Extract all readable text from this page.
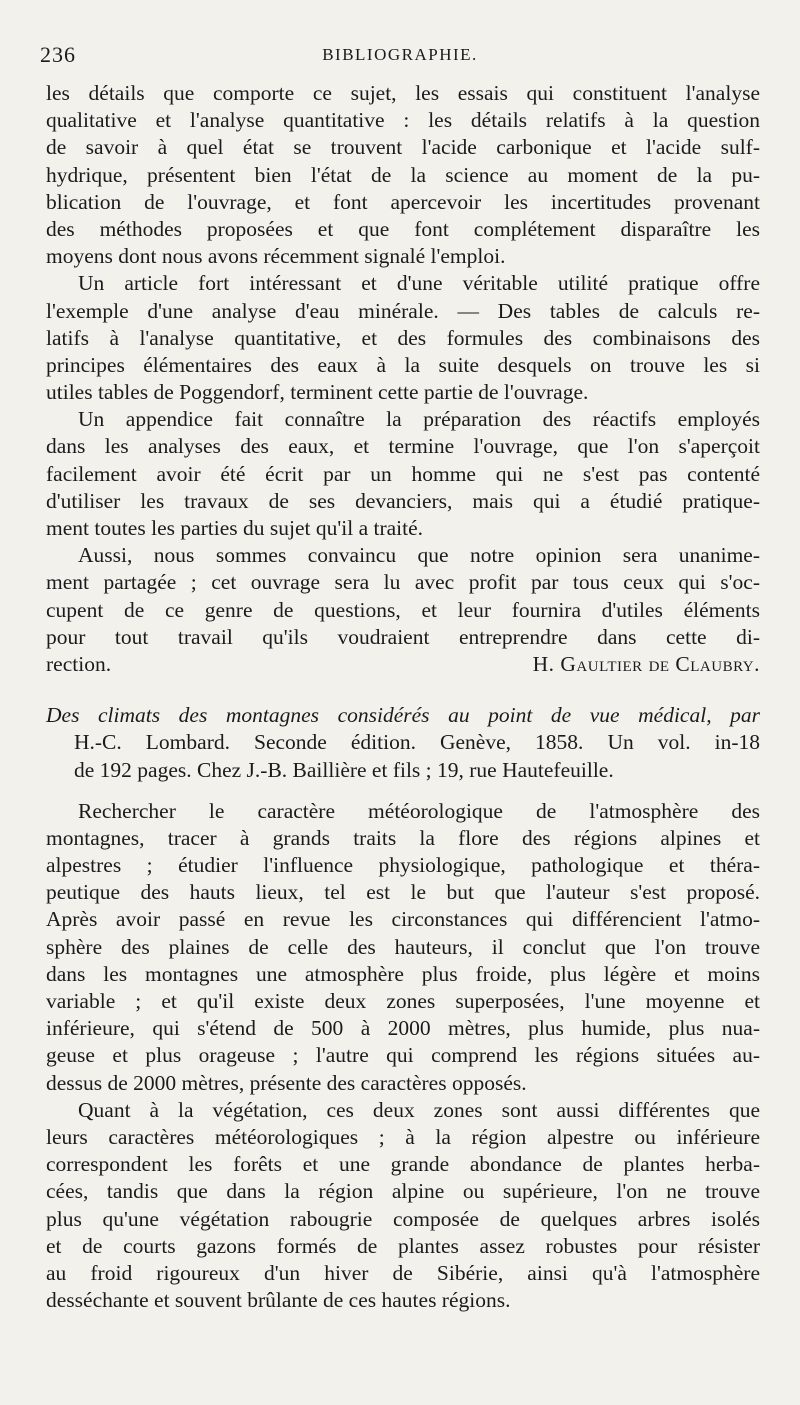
236	BIBLIOGRAPHIE.
les détails que comporte ce sujet, les essais qui constituent l'analyse
qualitative et l'analyse quantitative : les détails relatifs à la question
de savoir à quel état se trouvent l'acide carbonique et l'acide sulf-
hydrique, présentent bien l'état de la science au moment de la pu-
blication de l'ouvrage, et font apercevoir les incertitudes provenant
des méthodes proposées et que font complétement disparaître les
moyens dont nous avons récemment signalé l'emploi.
Un article fort intéressant et d'une véritable utilité pratique offre
l'exemple d'une analyse d'eau minérale. — Des tables de calculs re-
latifs à l'analyse quantitative, et des formules des combinaisons des
principes élémentaires des eaux à la suite desquels on trouve les si
utiles tables de Poggendorf, terminent cette partie de l'ouvrage.
Un appendice fait connaître la préparation des réactifs employés
dans les analyses des eaux, et termine l'ouvrage, que l'on s'aperçoit
facilement avoir été écrit par un homme qui ne s'est pas contenté
d'utiliser les travaux de ses devanciers, mais qui a étudié pratique-
ment toutes les parties du sujet qu'il a traité.
Aussi, nous sommes convaincu que notre opinion sera unanime-
ment partagée ; cet ouvrage sera lu avec profit par tous ceux qui s'oc-
cupent de ce genre de questions, et leur fournira d'utiles éléments
pour tout travail qu'ils voudraient entreprendre dans cette di-
rection.	H. Gaultier de Claubry.
Des climats des montagnes considérés au point de vue médical, par
H.-C. Lombard. Seconde édition. Genève, 1858. Un vol. in-18
de 192 pages. Chez J.-B. Baillière et fils ; 19, rue Hautefeuille.
Rechercher le caractère météorologique de l'atmosphère des
montagnes, tracer à grands traits la flore des régions alpines et
alpestres ; étudier l'influence physiologique, pathologique et théra-
peutique des hauts lieux, tel est le but que l'auteur s'est proposé.
Après avoir passé en revue les circonstances qui différencient l'atmo-
sphère des plaines de celle des hauteurs, il conclut que l'on trouve
dans les montagnes une atmosphère plus froide, plus légère et moins
variable ; et qu'il existe deux zones superposées, l'une moyenne et
inférieure, qui s'étend de 500 à 2000 mètres, plus humide, plus nua-
geuse et plus orageuse ; l'autre qui comprend les régions situées au-
dessus de 2000 mètres, présente des caractères opposés.
Quant à la végétation, ces deux zones sont aussi différentes que
leurs caractères météorologiques ; à la région alpestre ou inférieure
correspondent les forêts et une grande abondance de plantes herba-
cées, tandis que dans la région alpine ou supérieure, l'on ne trouve
plus qu'une végétation rabougrie composée de quelques arbres isolés
et de courts gazons formés de plantes assez robustes pour résister
au froid rigoureux d'un hiver de Sibérie, ainsi qu'à l'atmosphère
desséchante et souvent brûlante de ces hautes régions.
